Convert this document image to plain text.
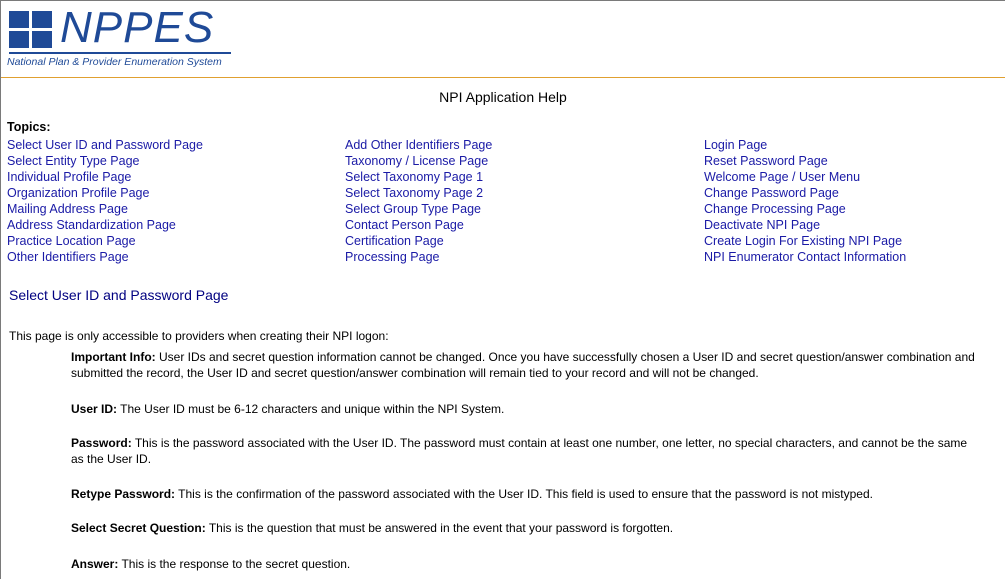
NPPES
National Plan & Provider Enumeration System
NPI Application Help
Topics:
Select User ID and Password Page
Select Entity Type Page
Individual Profile Page
Organization Profile Page
Mailing Address Page
Address Standardization Page
Practice Location Page
Other Identifiers Page
Add Other Identifiers Page
Taxonomy / License Page
Select Taxonomy Page 1
Select Taxonomy Page 2
Select Group Type Page
Contact Person Page
Certification Page
Processing Page
Login Page
Reset Password Page
Welcome Page / User Menu
Change Password Page
Change Processing Page
Deactivate NPI Page
Create Login For Existing NPI Page
NPI Enumerator Contact Information
Select User ID and Password Page
This page is only accessible to providers when creating their NPI logon:
Important Info: User IDs and secret question information cannot be changed. Once you have successfully chosen a User ID and secret question/answer combination and submitted the record, the User ID and secret question/answer combination will remain tied to your record and will not be changed.
User ID: The User ID must be 6-12 characters and unique within the NPI System.
Password: This is the password associated with the User ID. The password must contain at least one number, one letter, no special characters, and cannot be the same as the User ID.
Retype Password: This is the confirmation of the password associated with the User ID. This field is used to ensure that the password is not mistyped.
Select Secret Question: This is the question that must be answered in the event that your password is forgotten.
Answer: This is the response to the secret question.
